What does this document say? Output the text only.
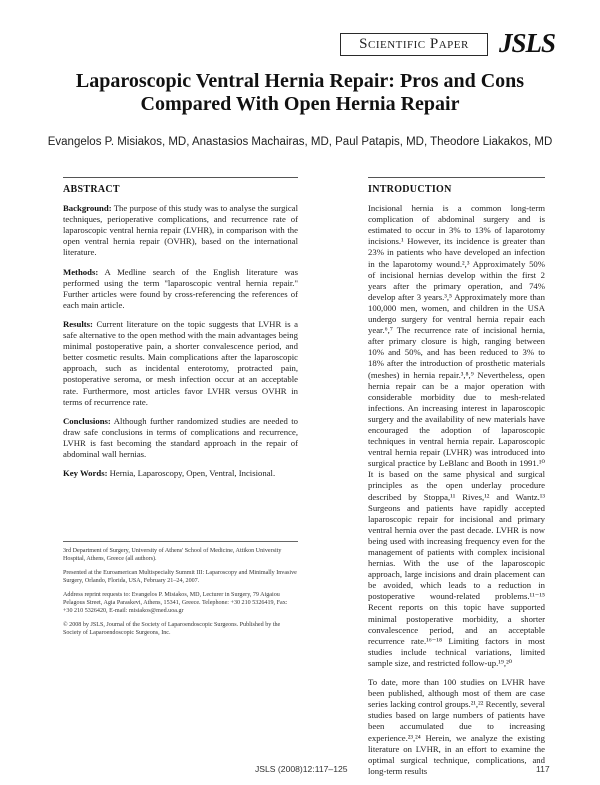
Scientific Paper	JSLS
Laparoscopic Ventral Hernia Repair: Pros and Cons Compared With Open Hernia Repair
Evangelos P. Misiakos, MD, Anastasios Machairas, MD, Paul Patapis, MD, Theodore Liakakos, MD
ABSTRACT

Background: The purpose of this study was to analyse the surgical techniques, perioperative complications, and recurrence rate of laparoscopic ventral hernia repair (LVHR), in comparison with the open ventral hernia repair (OVHR), based on the international literature.

Methods: A Medline search of the English literature was performed using the term "laparoscopic ventral hernia repair." Further articles were found by cross-referencing the references of each main article.

Results: Current literature on the topic suggests that LVHR is a safe alternative to the open method with the main advantages being minimal postoperative pain, a shorter convalescence period, and better cosmetic results. Main complications after the laparoscopic approach, such as incidental enterotomy, protracted pain, postoperative seroma, or mesh infection occur at an acceptable rate. Furthermore, most articles favor LVHR versus OVHR in terms of recurrence rate.

Conclusions: Although further randomized studies are needed to draw safe conclusions in terms of complications and recurrence, LVHR is fast becoming the standard approach in the repair of abdominal wall hernias.

Key Words: Hernia, Laparoscopy, Open, Ventral, Incisional.

3rd Department of Surgery, University of Athens' School of Medicine, Attikon University Hospital, Athens, Greece (all authors).

Presented at the Euroamerican Multispecialty Summit III: Laparoscopy and Minimally Invasive Surgery, Orlando, Florida, USA, February 21–24, 2007.

Address reprint requests to: Evangelos P. Misiakos, MD, Lecturer in Surgery, 79 Aigaiou Pelagous Street, Agia Paraskevi, Athens, 15341, Greece. Telephone: +30 210 5326419, Fax: +30 210 5326420, E-mail: misiakos@med.uoa.gr

© 2008 by JSLS, Journal of the Society of Laparoendoscopic Surgeons. Published by the Society of Laparoendoscopic Surgeons, Inc.

INTRODUCTION

Incisional hernia is a common long-term complication of abdominal surgery and is estimated to occur in 3% to 13% of laparotomy incisions.¹ However, its incidence is greater than 23% in patients who have developed an infection in the laparotomy wound.²,³ Approximately 50% of incisional hernias develop within the first 2 years after the primary operation, and 74% develop after 3 years.³,⁵ Approximately more than 100,000 men, women, and children in the USA undergo surgery for ventral hernia repair each year.⁶,⁷ The recurrence rate of incisional hernia, after primary closure is high, ranging between 10% and 50%, and has been reduced to 3% to 18% after the introduction of prosthetic materials (meshes) in hernia repair.³,⁸,⁹ Nevertheless, open hernia repair can be a major operation with considerable morbidity due to mesh-related infections. An increasing interest in laparoscopic surgery and the availability of new materials have encouraged the adoption of laparoscopic techniques in ventral hernia repair. Laparoscopic ventral hernia repair (LVHR) was introduced into surgical practice by LeBlanc and Booth in 1991.¹⁰ It is based on the same physical and surgical principles as the open underlay procedure described by Stoppa,¹¹ Rives,¹² and Wantz.¹³ Surgeons and patients have rapidly accepted laparoscopic repair for incisional and primary ventral hernia over the past decade. LVHR is now being used with increasing frequency even for the management of patients with complex incisional hernias. With the use of the laparoscopic approach, large incisions and drain placement can be avoided, which leads to a reduction in postoperative wound-related problems.¹¹⁻¹⁵ Recent reports on this topic have supported minimal postoperative morbidity, a shorter convalescence period, and an acceptable recurrence rate.¹⁶⁻¹⁸ Limiting factors in most studies include technical variations, limited sample size, and restricted follow-up.¹⁹,²⁰

To date, more than 100 studies on LVHR have been published, although most of them are case series lacking control groups.²¹,²² Recently, several studies based on large numbers of patients have been accumulated due to increasing experience.²³,²⁴ Herein, we analyze the existing literature on LVHR, in an effort to examine the optimal surgical technique, complications, and long-term results

JSLS (2008)12:117–125	117
